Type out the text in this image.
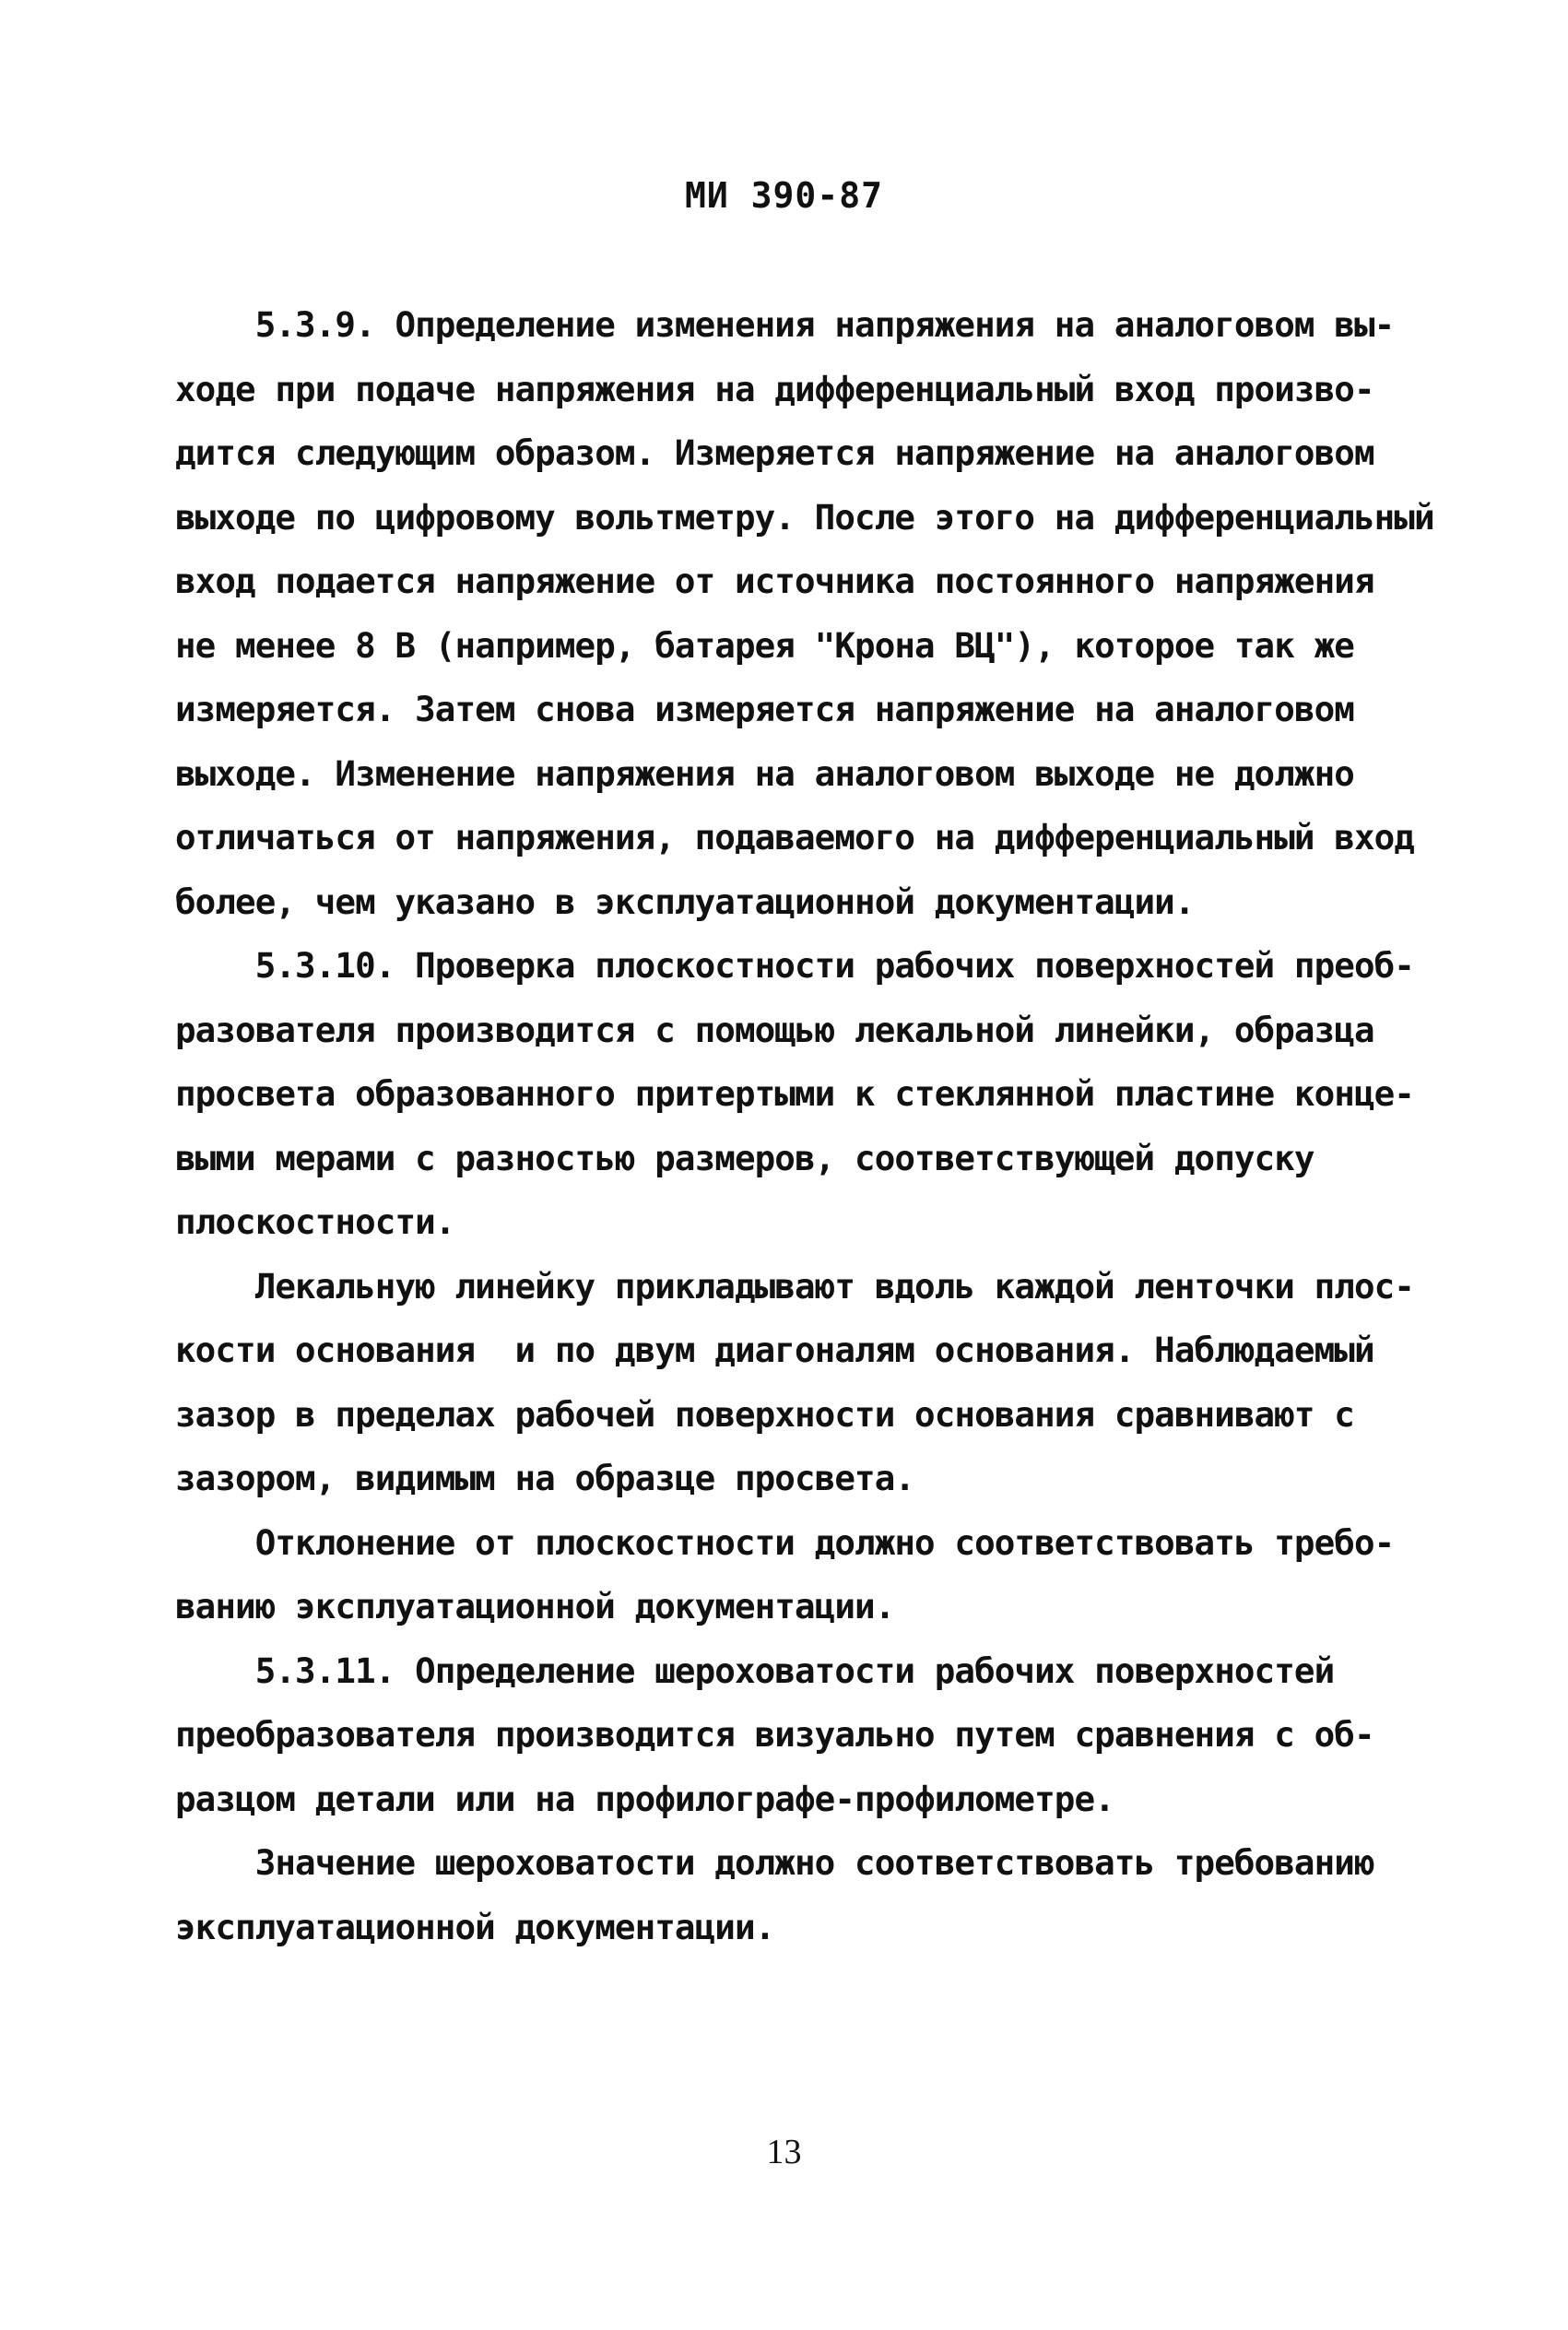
МИ 390-87
5.3.9. Определение изменения напряжения на аналоговом вы-
ходе при подаче напряжения на дифференциальный вход произво-
дится следующим образом. Измеряется напряжение на аналоговом
выходе по цифровому вольтметру. После этого на дифференциальный
вход подается напряжение от источника постоянного напряжения
не менее 8 В (например, батарея "Крона ВЦ"), которое так же
измеряется. Затем снова измеряется напряжение на аналоговом
выходе. Изменение напряжения на аналоговом выходе не должно
отличаться от напряжения, подаваемого на дифференциальный вход
более, чем указано в эксплуатационной документации.
5.3.10. Проверка плоскостности рабочих поверхностей преоб-
разователя производится с помощью лекальной линейки, образца
просвета образованного притертыми к стеклянной пластине конце-
выми мерами с разностью размеров, соответствующей допуску
плоскостности.
Лекальную линейку прикладывают вдоль каждой ленточки плос-
кости основания  и по двум диагоналям основания. Наблюдаемый
зазор в пределах рабочей поверхности основания сравнивают с
зазором, видимым на образце просвета.
Отклонение от плоскостности должно соответствовать требо-
ванию эксплуатационной документации.
5.3.11. Определение шероховатости рабочих поверхностей
преобразователя производится визуально путем сравнения с об-
разцом детали или на профилографе-профилометре.
Значение шероховатости должно соответствовать требованию
эксплуатационной документации.
13
